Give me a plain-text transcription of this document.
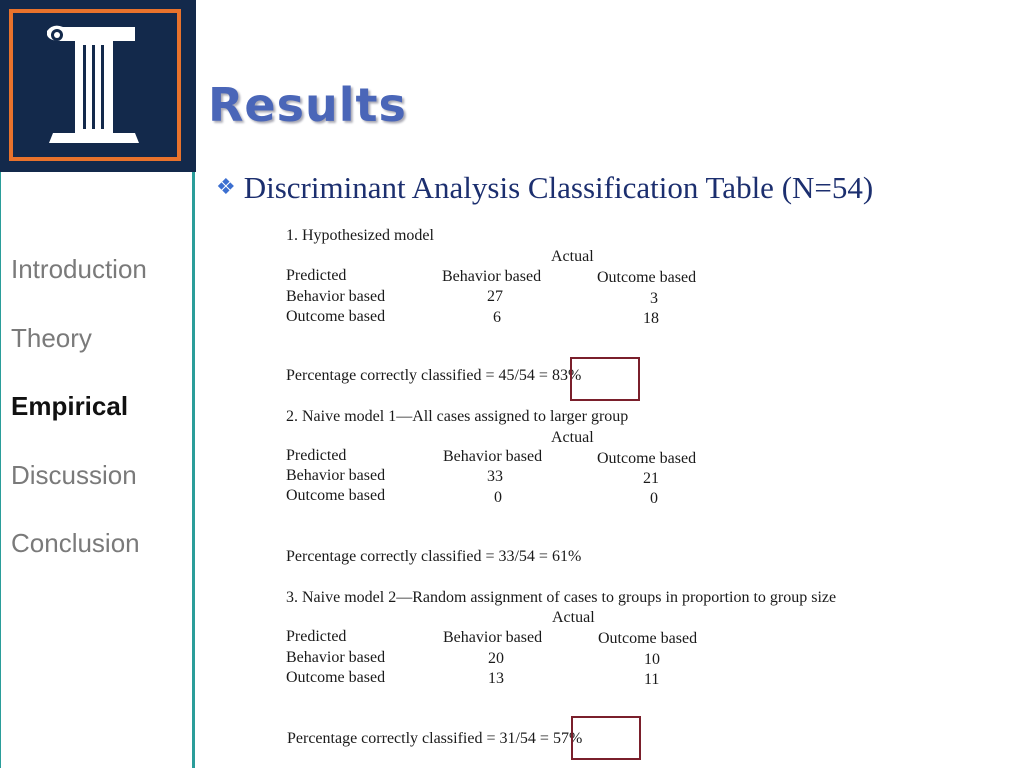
Introduction
Theory
Empirical
Discussion
Conclusion
Results
❖ Discriminant Analysis Classification Table (N=54)
1. Hypothesized model
Actual
Predicted	Behavior based	Outcome based
Behavior based	27	3
Outcome based	6	18
Percentage correctly classified = 45/54 = 83%
2. Naive model 1—All cases assigned to larger group
Actual
Predicted	Behavior based	Outcome based
Behavior based	33	21
Outcome based	0	0
Percentage correctly classified = 33/54 = 61%
3. Naive model 2—Random assignment of cases to groups in proportion to group size
Actual
Predicted	Behavior based	Outcome based
Behavior based	20	10
Outcome based	13	11
Percentage correctly classified = 31/54 = 57%
